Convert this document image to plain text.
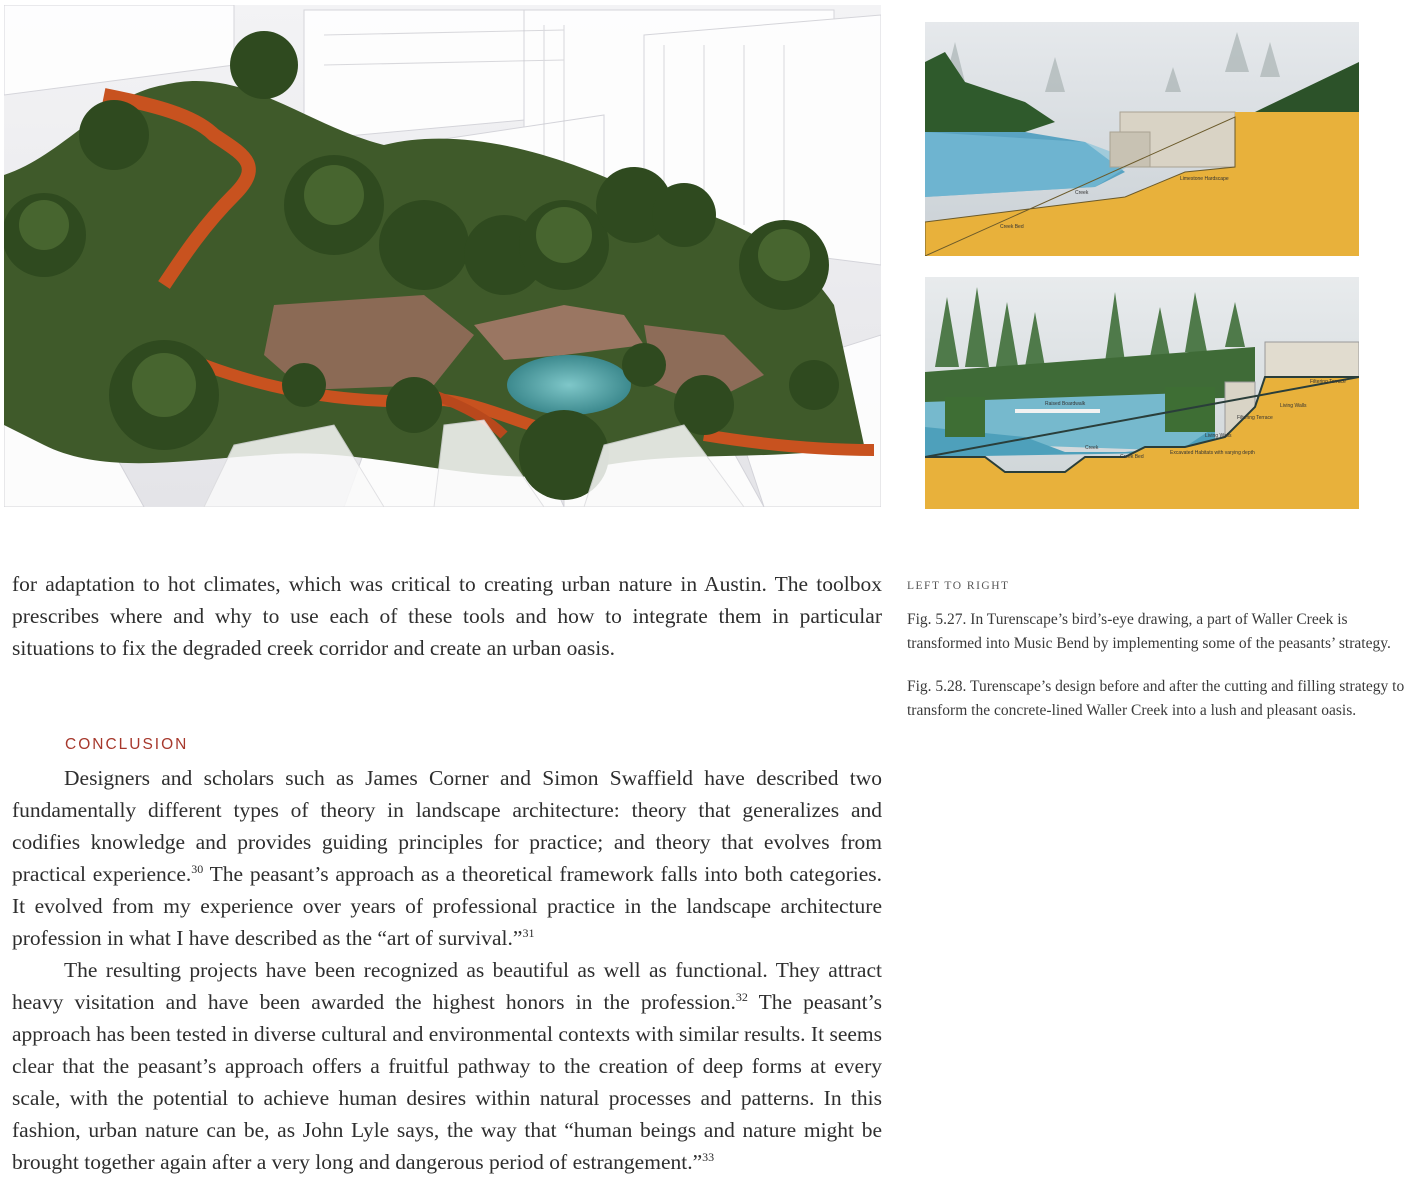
Limestone Hardscape
Creek
Creek Bed
Raised Boardwalk
Creek
Creek Bed
Excavated Habitats with varying depth
Living Walls
Living Walls
Filtering Terrace
Filtering Terrace

for adaptation to hot climates, which was critical to creating urban nature in Austin. The toolbox prescribes where and why to use each of these tools and how to integrate them in particular situations to fix the degraded creek corridor and create an urban oasis.

CONCLUSION

Designers and scholars such as James Corner and Simon Swaffield have described two fundamentally different types of theory in landscape architecture: theory that generalizes and codifies knowledge and provides guiding principles for practice; and theory that evolves from practical experience.$^{30}$ The peasant’s approach as a theoretical framework falls into both categories. It evolved from my experience over years of professional practice in the landscape architecture profession in what I have described as the “art of survival.”$^{31}$

The resulting projects have been recognized as beautiful as well as functional. They attract heavy visitation and have been awarded the highest honors in the profession.$^{32}$ The peasant’s approach has been tested in diverse cultural and environmental contexts with similar results. It seems clear that the peasant’s approach offers a fruitful pathway to the creation of deep forms at every scale, with the potential to achieve human desires within natural processes and patterns. In this fashion, urban nature can be, as John Lyle says, the way that “human beings and nature might be brought together again after a very long and dangerous period of estrangement.”$^{33}$

LEFT TO RIGHT

Fig. 5.27. In Turenscape’s bird’s-eye drawing, a part of Waller Creek is transformed into Music Bend by implementing some of the peasants’ strategy.

Fig. 5.28. Turenscape’s design before and after the cutting and filling strategy to transform the concrete-lined Waller Creek into a lush and pleasant oasis.
